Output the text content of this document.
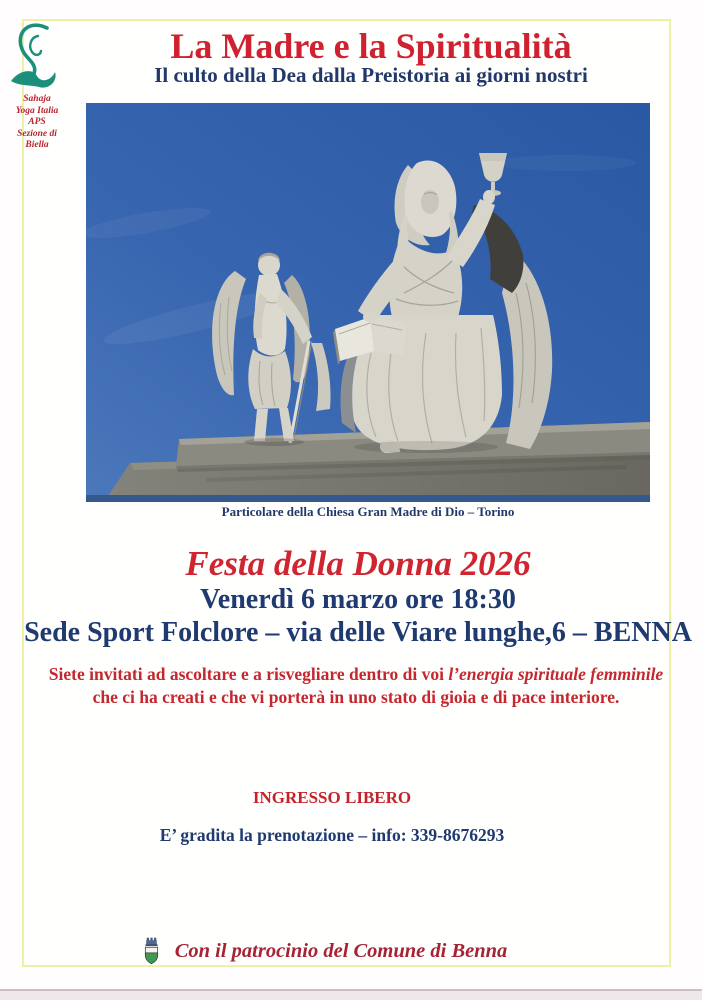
Sahaja
Yoga Italia
APS
Sezione di
Biella
La Madre e la Spiritualità
Il culto della Dea dalla Preistoria ai giorni nostri
Particolare della Chiesa Gran Madre di Dio – Torino
Festa della Donna 2026
Venerdì 6 marzo ore 18:30
Sede Sport Folclore – via delle Viare lunghe,6 – BENNA
Siete invitati ad ascoltare e a risvegliare dentro di voi l’energia spirituale femminile
che ci ha creati e che vi porterà in uno stato di gioia e di pace interiore.
INGRESSO LIBERO
E’ gradita la prenotazione – info: 339-8676293
Con il patrocinio del Comune di Benna
